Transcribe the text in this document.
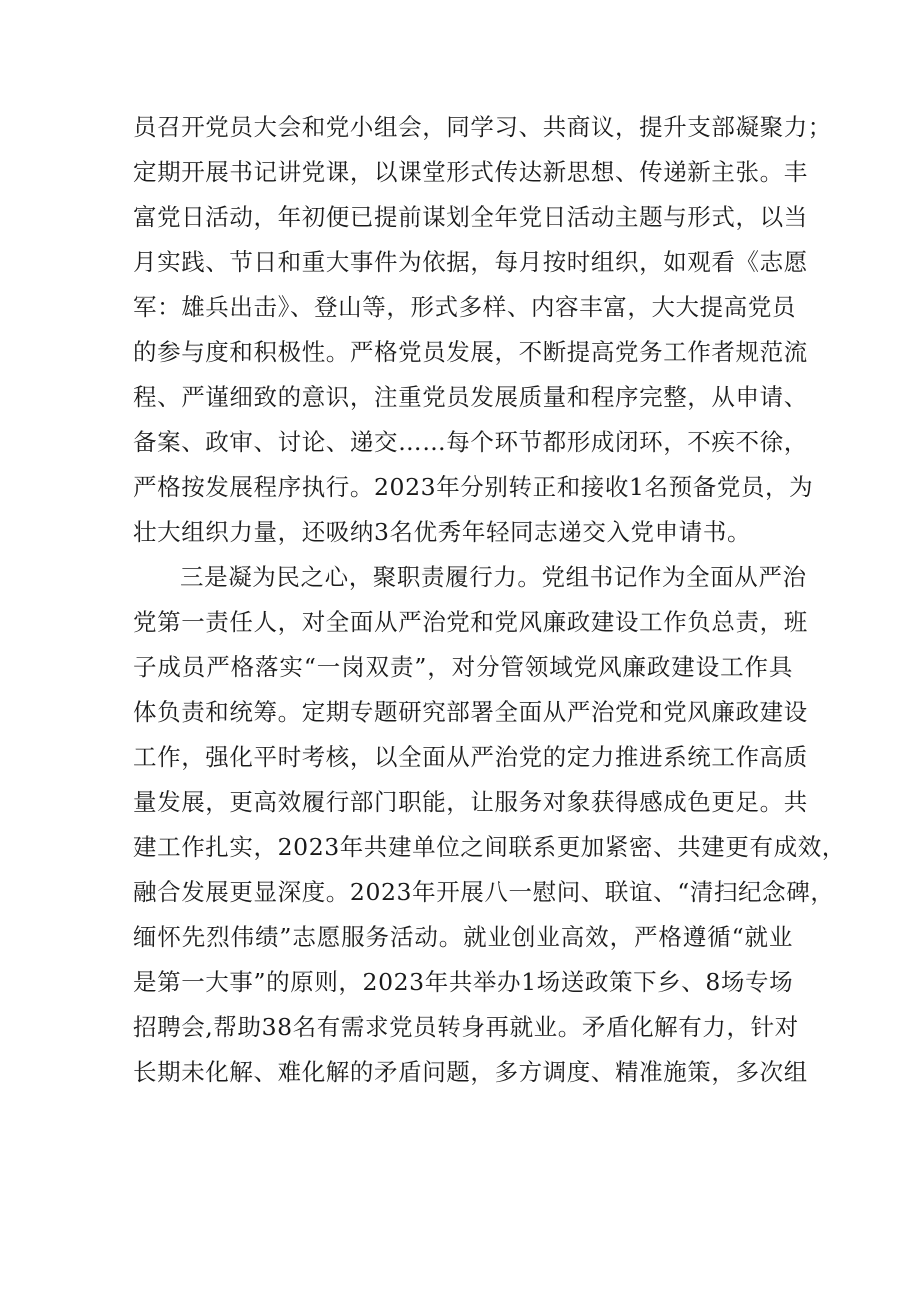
员召开党员大会和党小组会，同学习、共商议，提升支部凝聚力；
定期开展书记讲党课，以课堂形式传达新思想、传递新主张。丰
富党日活动，年初便已提前谋划全年党日活动主题与形式，以当
月实践、节日和重大事件为依据，每月按时组织，如观看《志愿
军：雄兵出击》、登山等，形式多样、内容丰富，大大提高党员
的参与度和积极性。严格党员发展，不断提高党务工作者规范流
程、严谨细致的意识，注重党员发展质量和程序完整，从申请、
备案、政审、讨论、递交……每个环节都形成闭环，不疾不徐，
严格按发展程序执行。2023年分别转正和接收1名预备党员，为
壮大组织力量，还吸纳3名优秀年轻同志递交入党申请书。
三是凝为民之心，聚职责履行力。党组书记作为全面从严治
党第一责任人，对全面从严治党和党风廉政建设工作负总责，班
子成员严格落实“一岗双责”，对分管领域党风廉政建设工作具
体负责和统筹。定期专题研究部署全面从严治党和党风廉政建设
工作，强化平时考核，以全面从严治党的定力推进系统工作高质
量发展，更高效履行部门职能，让服务对象获得感成色更足。共
建工作扎实，2023年共建单位之间联系更加紧密、共建更有成效，
融合发展更显深度。2023年开展八一慰问、联谊、“清扫纪念碑，
缅怀先烈伟绩”志愿服务活动。就业创业高效，严格遵循“就业
是第一大事”的原则，2023年共举办1场送政策下乡、8场专场
招聘会,帮助38名有需求党员转身再就业。矛盾化解有力，针对
长期未化解、难化解的矛盾问题，多方调度、精准施策，多次组
